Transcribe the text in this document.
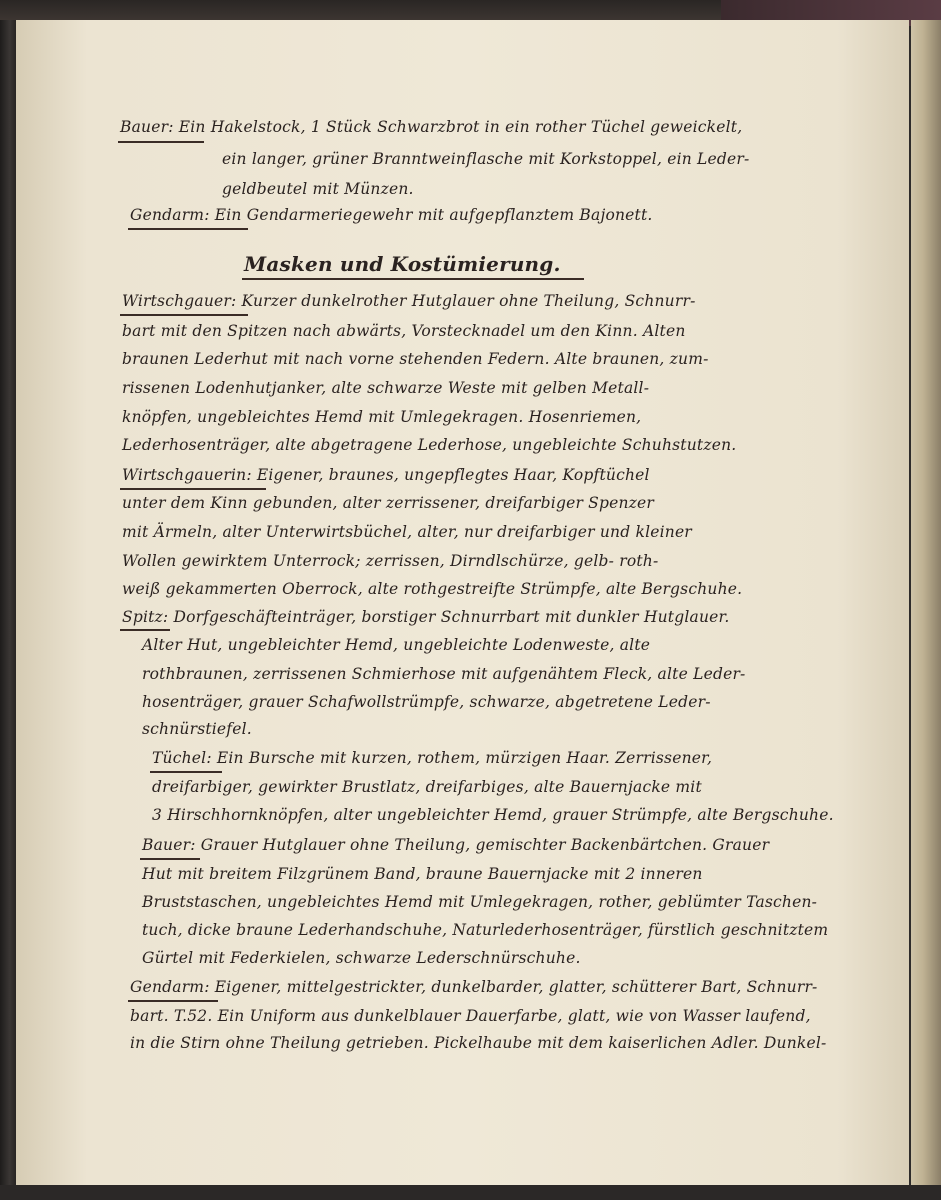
Bauer: Ein Hakelstock, 1 Stück Schwarzbrot in ein rother Tüchel geweickelt,
ein langer, grüner Branntweinflasche mit Korkstoppel, ein Leder-
geldbeutel mit Münzen.
Gendarm: Ein Gendarmeriegewehr mit aufgepflanztem Bajonett.
Masken und Kostümierung.
Wirtschgauer: Kurzer dunkelrother Hutglauer ohne Theilung, Schnurr-
bart mit den Spitzen nach abwärts, Vorstecknadel um den Kinn. Alten
braunen Lederhut mit nach vorne stehenden Federn. Alte braunen, zum-
rissenen Lodenhutjanker, alte schwarze Weste mit gelben Metall-
knöpfen, ungebleichtes Hemd mit Umlegekragen. Hosenriemen,
Lederhosenträger, alte abgetragene Lederhose, ungebleichte Schuhstutzen.
Wirtschgauerin: Eigener, braunes, ungepflegtes Haar, Kopftüchel
unter dem Kinn gebunden, alter zerrissener, dreifarbiger Spenzer
mit Ärmeln, alter Unterwirtsbüchel, alter, nur dreifarbiger und kleiner
Wollen gewirktem Unterrock; zerrissen, Dirndlschürze, gelb- roth-
weiß gekammerten Oberrock, alte rothgestreifte Strümpfe, alte Bergschuhe.
Spitz: Dorfgeschäfteinträger, borstiger Schnurrbart mit dunkler Hutglauer.
Alter Hut, ungebleichter Hemd, ungebleichte Lodenweste, alte
rothbraunen, zerrissenen Schmierhose mit aufgenähtem Fleck, alte Leder-
hosenträger, grauer Schafwollstrümpfe, schwarze, abgetretene Leder-
schnürstiefel.
Tüchel: Ein Bursche mit kurzen, rothem, mürzigen Haar. Zerrissener,
dreifarbiger, gewirkter Brustlatz, dreifarbiges, alte Bauernjacke mit
3 Hirschhornknöpfen, alter ungebleichter Hemd, grauer Strümpfe, alte Bergschuhe.
Bauer: Grauer Hutglauer ohne Theilung, gemischter Backenbärtchen. Grauer
Hut mit breitem Filzgrünem Band, braune Bauernjacke mit 2 inneren
Bruststaschen, ungebleichtes Hemd mit Umlegekragen, rother, geblümter Taschen-
tuch, dicke braune Lederhandschuhe, Naturlederhosenträger, fürstlich geschnitztem
Gürtel mit Federkielen, schwarze Lederschnürschuhe.
Gendarm: Eigener, mittelgestrickter, dunkelbarder, glatter, schütterer Bart, Schnurr-
bart. T.52. Ein Uniform aus dunkelblauer Dauerfarbe, glatt, wie von Wasser laufend,
in die Stirn ohne Theilung getrieben. Pickelhaube mit dem kaiserlichen Adler. Dunkel-
